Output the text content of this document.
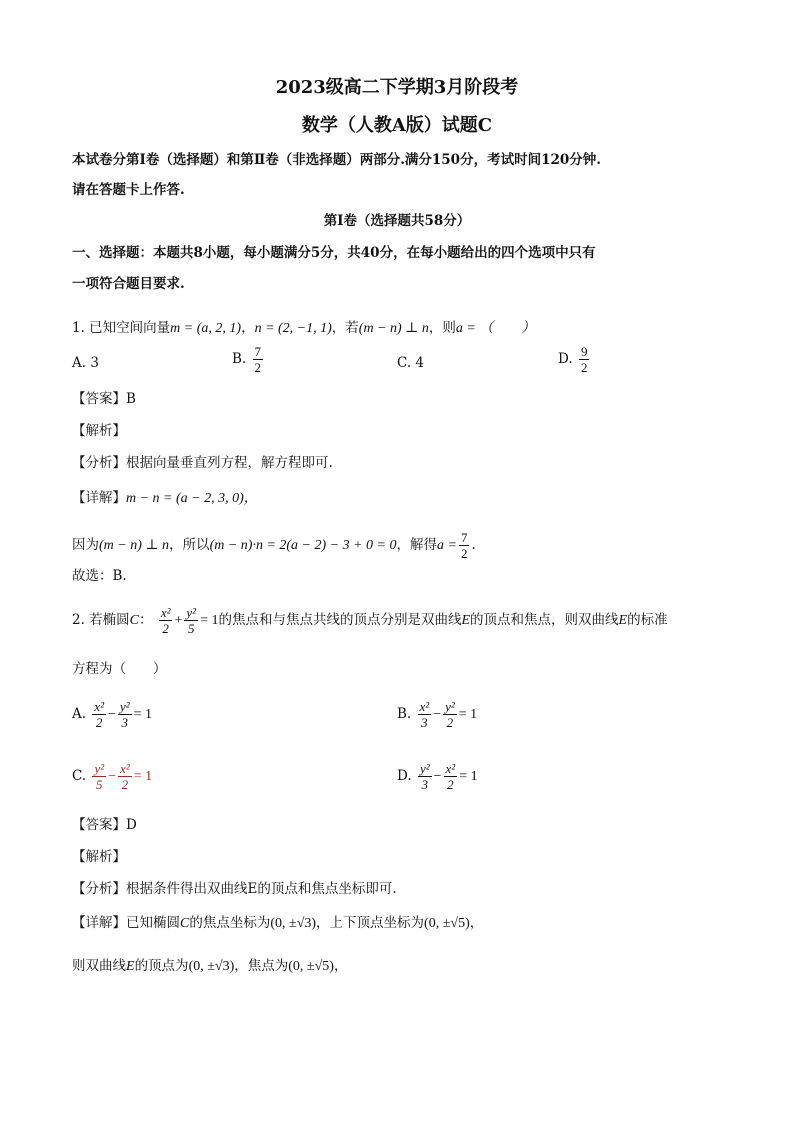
2023级高二下学期3月阶段考
数学（人教A版）试题C
本试卷分第Ⅰ卷（选择题）和第Ⅱ卷（非选择题）两部分.满分150分，考试时间120分钟.
请在答题卡上作答.
第Ⅰ卷（选择题共58分）
一、选择题：本题共8小题，每小题满分5分，共40分，在每小题给出的四个选项中只有
一项符合题目要求.
1. 已知空间向量m = (a, 2, 1)，n = (2, −1, 1)，若(m − n) ⊥ n，则a = （　　）
A. 3	B. $\frac{7}{2}$	C. 4	D. $\frac{9}{2}$
【答案】B
【解析】
【分析】根据向量垂直列方程，解方程即可.
【详解】m − n = (a − 2, 3, 0)，
因为(m − n) ⊥ n，所以(m − n)·n = 2(a − 2) − 3 + 0 = 0，解得$a = \frac{7}{2}$ .
故选：B.
2. 若椭圆C： $\frac{\text{x²}}{2} + \frac{\text{y²}}{5} = 1$的焦点和与焦点共线的顶点分别是双曲线E的顶点和焦点，则双曲线E的标准
方程为（　　）
A. $\frac{\text{x²}}{2} - \frac{\text{y²}}{3} = 1$	B. $\frac{\text{x²}}{3} - \frac{\text{y²}}{2} = 1$
C. $\frac{\text{y²}}{5} - \frac{\text{x²}}{2} = 1$	D. $\frac{\text{y²}}{3} - \frac{\text{x²}}{2} = 1$
【答案】D
【解析】
【分析】根据条件得出双曲线E的顶点和焦点坐标即可.
【详解】已知椭圆C的焦点坐标为(0, ±√3)，上下顶点坐标为(0, ±√5)，
则双曲线E的顶点为(0, ±√3)，焦点为(0, ±√5)，
